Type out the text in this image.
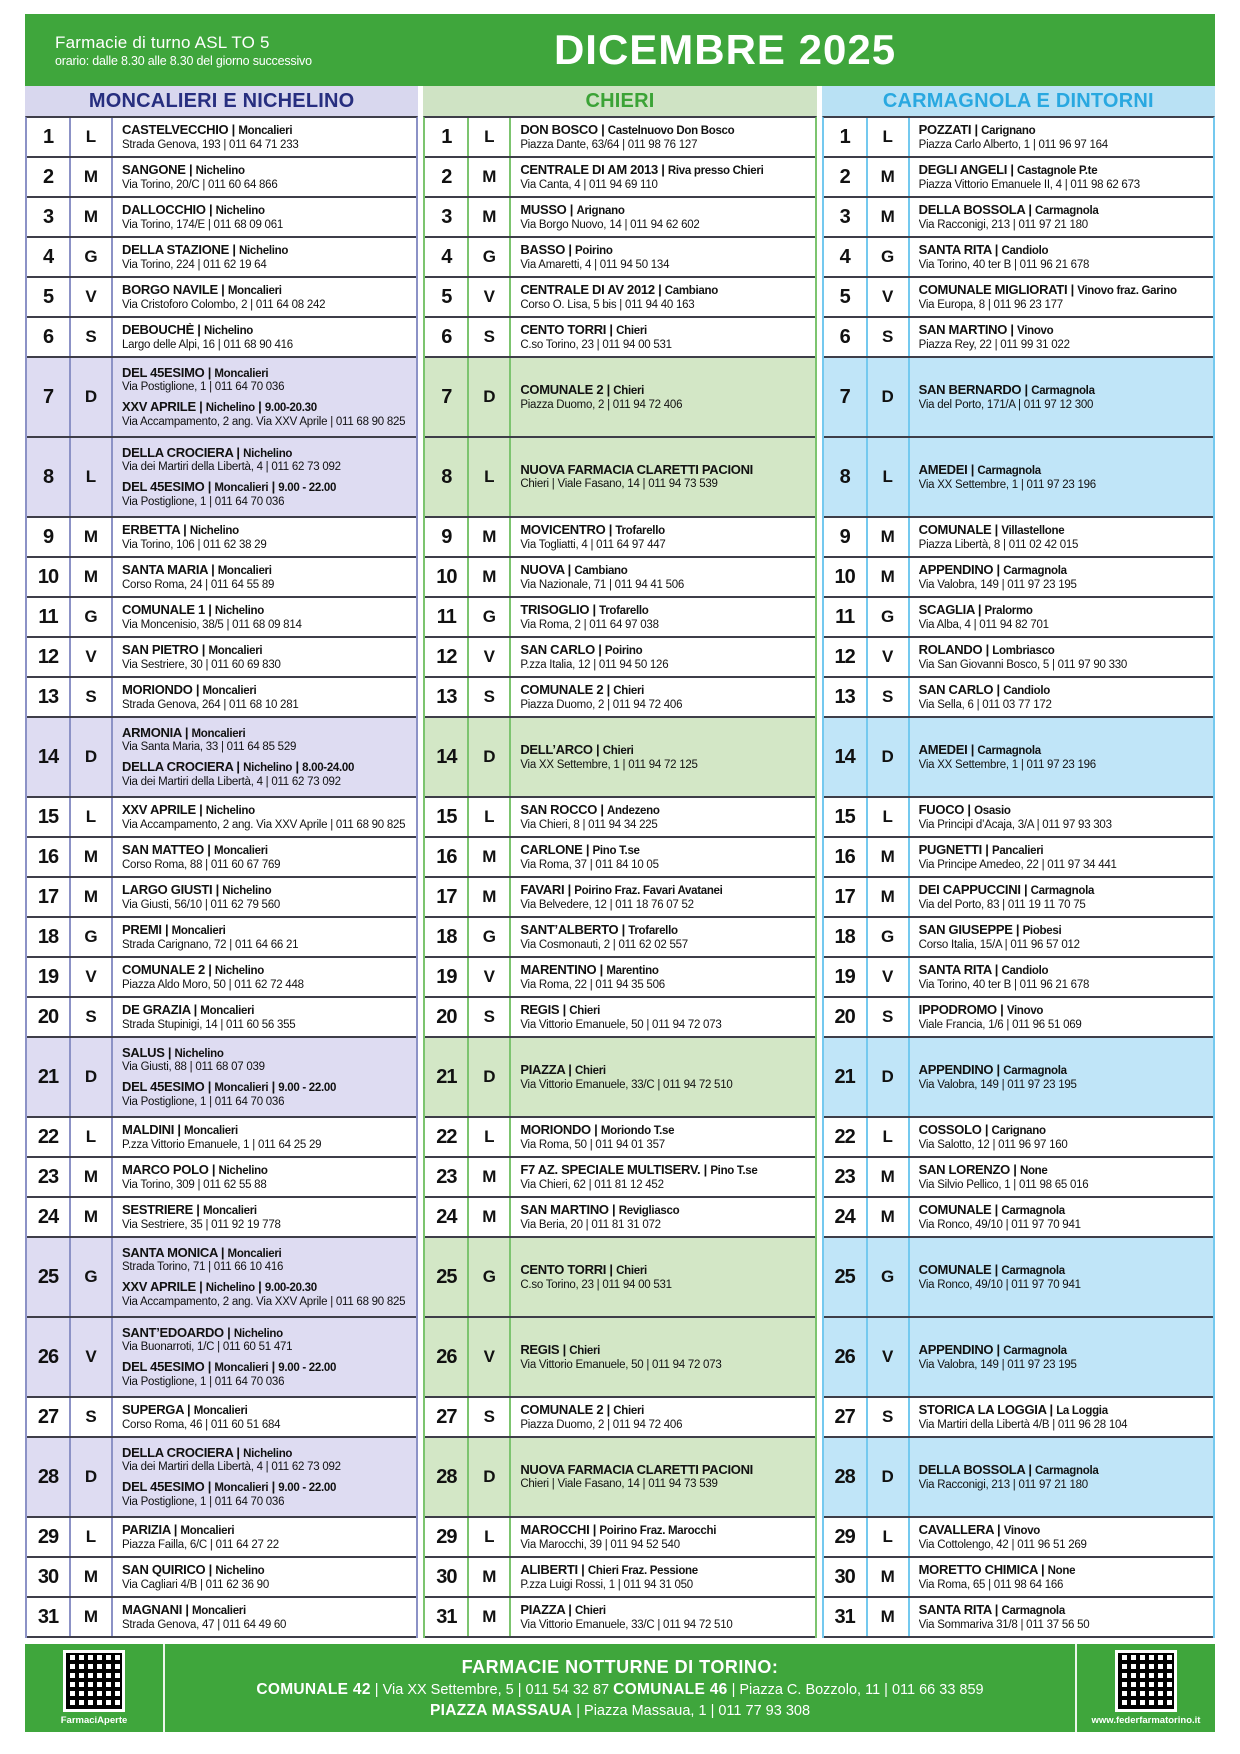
Farmacie di turno ASL TO 5
orario: dalle 8.30 alle 8.30 del giorno successivo	DICEMBRE 2025
MONCALIERI E NICHELINO
1	L	CASTELVECCHIO | Moncalieri
Strada Genova, 193 | 011 64 71 233
2	M	SANGONE | Nichelino
Via Torino, 20/C | 011 60 64 866
3	M	DALLOCCHIO | Nichelino
Via Torino, 174/E | 011 68 09 061
4	G	DELLA STAZIONE | Nichelino
Via Torino, 224 | 011 62 19 64
5	V	BORGO NAVILE | Moncalieri
Via Cristoforo Colombo, 2 | 011 64 08 242
6	S	DEBOUCHÈ | Nichelino
Largo delle Alpi, 16 | 011 68 90 416
7	D
DEL 45ESIMO | Moncalieri
Via Postiglione, 1 | 011 64 70 036
XXV APRILE | Nichelino | 9.00-20.30
Via Accampamento, 2 ang. Via XXV Aprile | 011 68 90 825
8	L
DELLA CROCIERA | Nichelino
Via dei Martiri della Libertà, 4 | 011 62 73 092
DEL 45ESIMO | Moncalieri | 9.00 - 22.00
Via Postiglione, 1 | 011 64 70 036
9	M	ERBETTA | Nichelino
Via Torino, 106 | 011 62 38 29
10	M	SANTA MARIA | Moncalieri
Corso Roma, 24 | 011 64 55 89
11	G	COMUNALE 1 | Nichelino
Via Moncenisio, 38/5 | 011 68 09 814
12	V	SAN PIETRO | Moncalieri
Via Sestriere, 30 | 011 60 69 830
13	S	MORIONDO | Moncalieri
Strada Genova, 264 | 011 68 10 281
14	D
ARMONIA | Moncalieri
Via Santa Maria, 33 | 011 64 85 529
DELLA CROCIERA | Nichelino | 8.00-24.00
Via dei Martiri della Libertà, 4 | 011 62 73 092
15	L	XXV APRILE | Nichelino
Via Accampamento, 2 ang. Via XXV Aprile | 011 68 90 825
16	M	SAN MATTEO | Moncalieri
Corso Roma, 88 | 011 60 67 769
17	M	LARGO GIUSTI | Nichelino
Via Giusti, 56/10 | 011 62 79 560
18	G	PREMI | Moncalieri
Strada Carignano, 72 | 011 64 66 21
19	V	COMUNALE 2 | Nichelino
Piazza Aldo Moro, 50 | 011 62 72 448
20	S	DE GRAZIA | Moncalieri
Strada Stupinigi, 14 | 011 60 56 355
21	D
SALUS | Nichelino
Via Giusti, 88 | 011 68 07 039
DEL 45ESIMO | Moncalieri | 9.00 - 22.00
Via Postiglione, 1 | 011 64 70 036
22	L	MALDINI | Moncalieri
P.zza Vittorio Emanuele, 1 | 011 64 25 29
23	M	MARCO POLO | Nichelino
Via Torino, 309 | 011 62 55 88
24	M	SESTRIERE | Moncalieri
Via Sestriere, 35 | 011 92 19 778
25	G
SANTA MONICA | Moncalieri
Strada Torino, 71 | 011 66 10 416
XXV APRILE | Nichelino | 9.00-20.30
Via Accampamento, 2 ang. Via XXV Aprile | 011 68 90 825
26	V
SANT’EDOARDO | Nichelino
Via Buonarroti, 1/C | 011 60 51 471
DEL 45ESIMO | Moncalieri | 9.00 - 22.00
Via Postiglione, 1 | 011 64 70 036
27	S	SUPERGA | Moncalieri
Corso Roma, 46 | 011 60 51 684
28	D
DELLA CROCIERA | Nichelino
Via dei Martiri della Libertà, 4 | 011 62 73 092
DEL 45ESIMO | Moncalieri | 9.00 - 22.00
Via Postiglione, 1 | 011 64 70 036
29	L	PARIZIA | Moncalieri
Piazza Failla, 6/C | 011 64 27 22
30	M	SAN QUIRICO | Nichelino
Via Cagliari 4/B | 011 62 36 90
31	M	MAGNANI | Moncalieri
Strada Genova, 47 | 011 64 49 60
CHIERI
1	L	DON BOSCO | Castelnuovo Don Bosco
Piazza Dante, 63/64 | 011 98 76 127
2	M	CENTRALE DI AM 2013 | Riva presso Chieri
Via Canta, 4 | 011 94 69 110
3	M	MUSSO | Arignano
Via Borgo Nuovo, 14 | 011 94 62 602
4	G	BASSO | Poirino
Via Amaretti, 4 | 011 94 50 134
5	V	CENTRALE DI AV 2012 | Cambiano
Corso O. Lisa, 5 bis | 011 94 40 163
6	S	CENTO TORRI | Chieri
C.so Torino, 23 | 011 94 00 531
7	D	COMUNALE 2 | Chieri
Piazza Duomo, 2 | 011 94 72 406
8	L	NUOVA FARMACIA CLARETTI PACIONI
Chieri | Viale Fasano, 14 | 011 94 73 539
9	M	MOVICENTRO | Trofarello
Via Togliatti, 4 | 011 64 97 447
10	M	NUOVA | Cambiano
Via Nazionale, 71 | 011 94 41 506
11	G	TRISOGLIO | Trofarello
Via Roma, 2 | 011 64 97 038
12	V	SAN CARLO | Poirino
P.zza Italia, 12 | 011 94 50 126
13	S	COMUNALE 2 | Chieri
Piazza Duomo, 2 | 011 94 72 406
14	D	DELL’ARCO | Chieri
Via XX Settembre, 1 | 011 94 72 125
15	L	SAN ROCCO | Andezeno
Via Chieri, 8 | 011 94 34 225
16	M	CARLONE | Pino T.se
Via Roma, 37 | 011 84 10 05
17	M	FAVARI | Poirino Fraz. Favari Avatanei
Via Belvedere, 12 | 011 18 76 07 52
18	G	SANT’ALBERTO | Trofarello
Via Cosmonauti, 2 | 011 62 02 557
19	V	MARENTINO | Marentino
Via Roma, 22 | 011 94 35 506
20	S	REGIS | Chieri
Via Vittorio Emanuele, 50 | 011 94 72 073
21	D	PIAZZA | Chieri
Via Vittorio Emanuele, 33/C | 011 94 72 510
22	L	MORIONDO | Moriondo T.se
Via Roma, 50 | 011 94 01 357
23	M	F7 AZ. SPECIALE MULTISERV. | Pino T.se
Via Chieri, 62 | 011 81 12 452
24	M	SAN MARTINO | Revigliasco
Via Beria, 20 | 011 81 31 072
25	G	CENTO TORRI | Chieri
C.so Torino, 23 | 011 94 00 531
26	V	REGIS | Chieri
Via Vittorio Emanuele, 50 | 011 94 72 073
27	S	COMUNALE 2 | Chieri
Piazza Duomo, 2 | 011 94 72 406
28	D	NUOVA FARMACIA CLARETTI PACIONI
Chieri | Viale Fasano, 14 | 011 94 73 539
29	L	MAROCCHI | Poirino Fraz. Marocchi
Via Marocchi, 39 | 011 94 52 540
30	M	ALIBERTI | Chieri Fraz. Pessione
P.zza Luigi Rossi, 1 | 011 94 31 050
31	M	PIAZZA | Chieri
Via Vittorio Emanuele, 33/C | 011 94 72 510
CARMAGNOLA E DINTORNI
1	L	POZZATI | Carignano
Piazza Carlo Alberto, 1 | 011 96 97 164
2	M	DEGLI ANGELI | Castagnole P.te
Piazza Vittorio Emanuele II, 4 | 011 98 62 673
3	M	DELLA BOSSOLA | Carmagnola
Via Racconigi, 213 | 011 97 21 180
4	G	SANTA RITA | Candiolo
Via Torino, 40 ter B | 011 96 21 678
5	V	COMUNALE MIGLIORATI | Vinovo fraz. Garino
Via Europa, 8 | 011 96 23 177
6	S	SAN MARTINO | Vinovo
Piazza Rey, 22 | 011 99 31 022
7	D	SAN BERNARDO | Carmagnola
Via del Porto, 171/A | 011 97 12 300
8	L	AMEDEI | Carmagnola
Via XX Settembre, 1 | 011 97 23 196
9	M	COMUNALE | Villastellone
Piazza Libertà, 8 | 011 02 42 015
10	M	APPENDINO | Carmagnola
Via Valobra, 149 | 011 97 23 195
11	G	SCAGLIA | Pralormo
Via Alba, 4 | 011 94 82 701
12	V	ROLANDO | Lombriasco
Via San Giovanni Bosco, 5 | 011 97 90 330
13	S	SAN CARLO | Candiolo
Via Sella, 6 | 011 03 77 172
14	D	AMEDEI | Carmagnola
Via XX Settembre, 1 | 011 97 23 196
15	L	FUOCO | Osasio
Via Principi d’Acaja, 3/A | 011 97 93 303
16	M	PUGNETTI | Pancalieri
Via Principe Amedeo, 22 | 011 97 34 441
17	M	DEI CAPPUCCINI | Carmagnola
Via del Porto, 83 | 011 19 11 70 75
18	G	SAN GIUSEPPE | Piobesi
Corso Italia, 15/A | 011 96 57 012
19	V	SANTA RITA | Candiolo
Via Torino, 40 ter B | 011 96 21 678
20	S	IPPODROMO | Vinovo
Viale Francia, 1/6 | 011 96 51 069
21	D	APPENDINO | Carmagnola
Via Valobra, 149 | 011 97 23 195
22	L	COSSOLO | Carignano
Via Salotto, 12 | 011 96 97 160
23	M	SAN LORENZO | None
Via Silvio Pellico, 1 | 011 98 65 016
24	M	COMUNALE | Carmagnola
Via Ronco, 49/10 | 011 97 70 941
25	G	COMUNALE | Carmagnola
Via Ronco, 49/10 | 011 97 70 941
26	V	APPENDINO | Carmagnola
Via Valobra, 149 | 011 97 23 195
27	S	STORICA LA LOGGIA | La Loggia
Via Martiri della Libertà 4/B | 011 96 28 104
28	D	DELLA BOSSOLA | Carmagnola
Via Racconigi, 213 | 011 97 21 180
29	L	CAVALLERA | Vinovo
Via Cottolengo, 42 | 011 96 51 269
30	M	MORETTO CHIMICA | None
Via Roma, 65 | 011 98 64 166
31	M	SANTA RITA | Carmagnola
Via Sommariva 31/8 | 011 37 56 50
FarmaciAperte
FARMACIE NOTTURNE DI TORINO:
COMUNALE 42 | Via XX Settembre, 5 | 011 54 32 87 COMUNALE 46 | Piazza C. Bozzolo, 11 | 011 66 33 859
PIAZZA MASSAUA | Piazza Massaua, 1 | 011 77 93 308
www.federfarmatorino.it
